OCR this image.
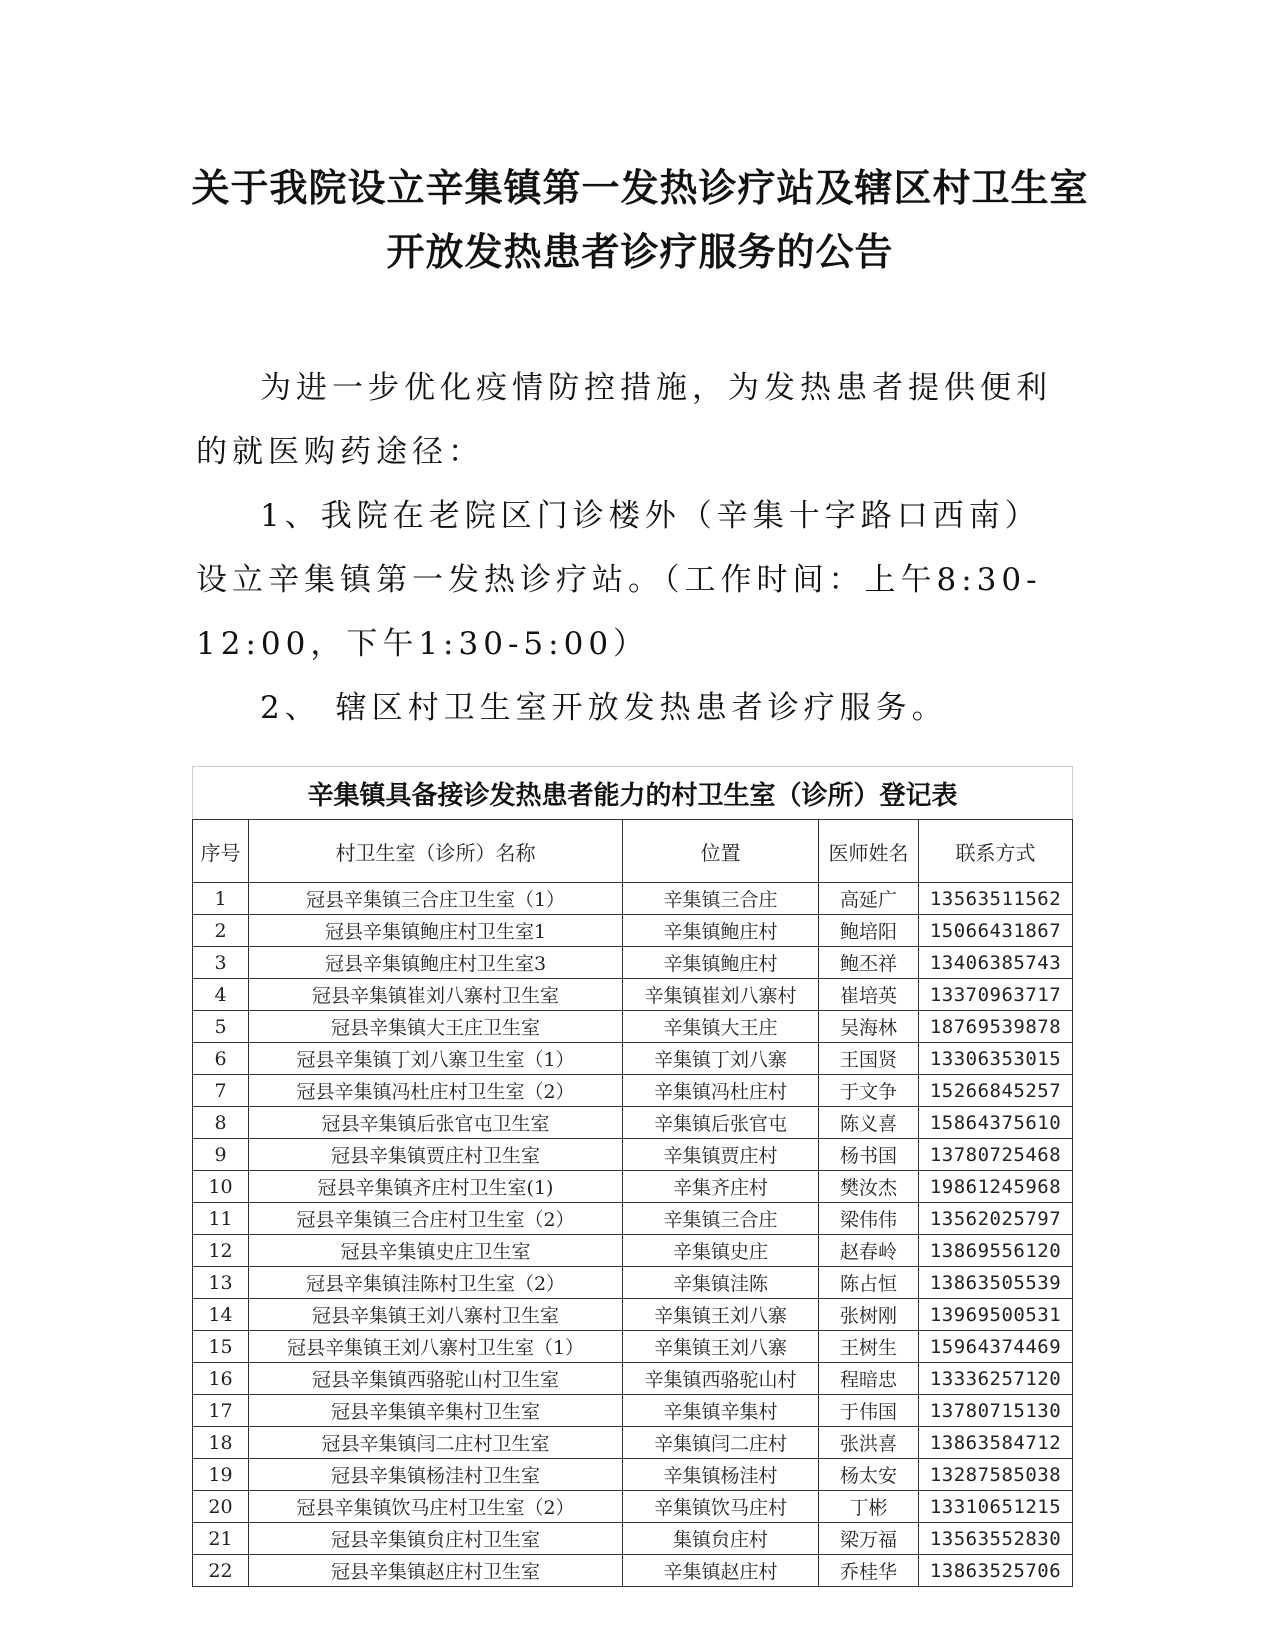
关于我院设立辛集镇第一发热诊疗站及辖区村卫生室
开放发热患者诊疗服务的公告
为进一步优化疫情防控措施，为发热患者提供便利的就医购药途径：
1、我院在老院区门诊楼外（辛集十字路口西南）设立辛集镇第一发热诊疗站。（工作时间：上午8:30-12:00，下午1:30-5:00）
2、 辖区村卫生室开放发热患者诊疗服务。
辛集镇具备接诊发热患者能力的村卫生室（诊所）登记表				
序号	村卫生室（诊所）名称	位置	医师姓名	联系方式
1	冠县辛集镇三合庄卫生室（1）	辛集镇三合庄	高延广	13563511562
2	冠县辛集镇鲍庄村卫生室1	辛集镇鲍庄村	鲍培阳	15066431867
3	冠县辛集镇鲍庄村卫生室3	辛集镇鲍庄村	鲍丕祥	13406385743
4	冠县辛集镇崔刘八寨村卫生室	辛集镇崔刘八寨村	崔培英	13370963717
5	冠县辛集镇大王庄卫生室	辛集镇大王庄	吴海林	18769539878
6	冠县辛集镇丁刘八寨卫生室（1）	辛集镇丁刘八寨	王国贤	13306353015
7	冠县辛集镇冯杜庄村卫生室（2）	辛集镇冯杜庄村	于文争	15266845257
8	冠县辛集镇后张官屯卫生室	辛集镇后张官屯	陈义喜	15864375610
9	冠县辛集镇贾庄村卫生室	辛集镇贾庄村	杨书国	13780725468
10	冠县辛集镇齐庄村卫生室(1)	辛集齐庄村	樊汝杰	19861245968
11	冠县辛集镇三合庄村卫生室（2）	辛集镇三合庄	梁伟伟	13562025797
12	冠县辛集镇史庄卫生室	辛集镇史庄	赵春岭	13869556120
13	冠县辛集镇洼陈村卫生室（2）	辛集镇洼陈	陈占恒	13863505539
14	冠县辛集镇王刘八寨村卫生室	辛集镇王刘八寨	张树刚	13969500531
15	冠县辛集镇王刘八寨村卫生室（1）	辛集镇王刘八寨	王树生	15964374469
16	冠县辛集镇西骆驼山村卫生室	辛集镇西骆驼山村	程暗忠	13336257120
17	冠县辛集镇辛集村卫生室	辛集镇辛集村	于伟国	13780715130
18	冠县辛集镇闫二庄村卫生室	辛集镇闫二庄村	张洪喜	13863584712
19	冠县辛集镇杨洼村卫生室	辛集镇杨洼村	杨太安	13287585038
20	冠县辛集镇饮马庄村卫生室（2）	辛集镇饮马庄村	丁彬	13310651215
21	冠县辛集镇贠庄村卫生室	集镇贠庄村	梁万福	13563552830
22	冠县辛集镇赵庄村卫生室	辛集镇赵庄村	乔桂华	13863525706
